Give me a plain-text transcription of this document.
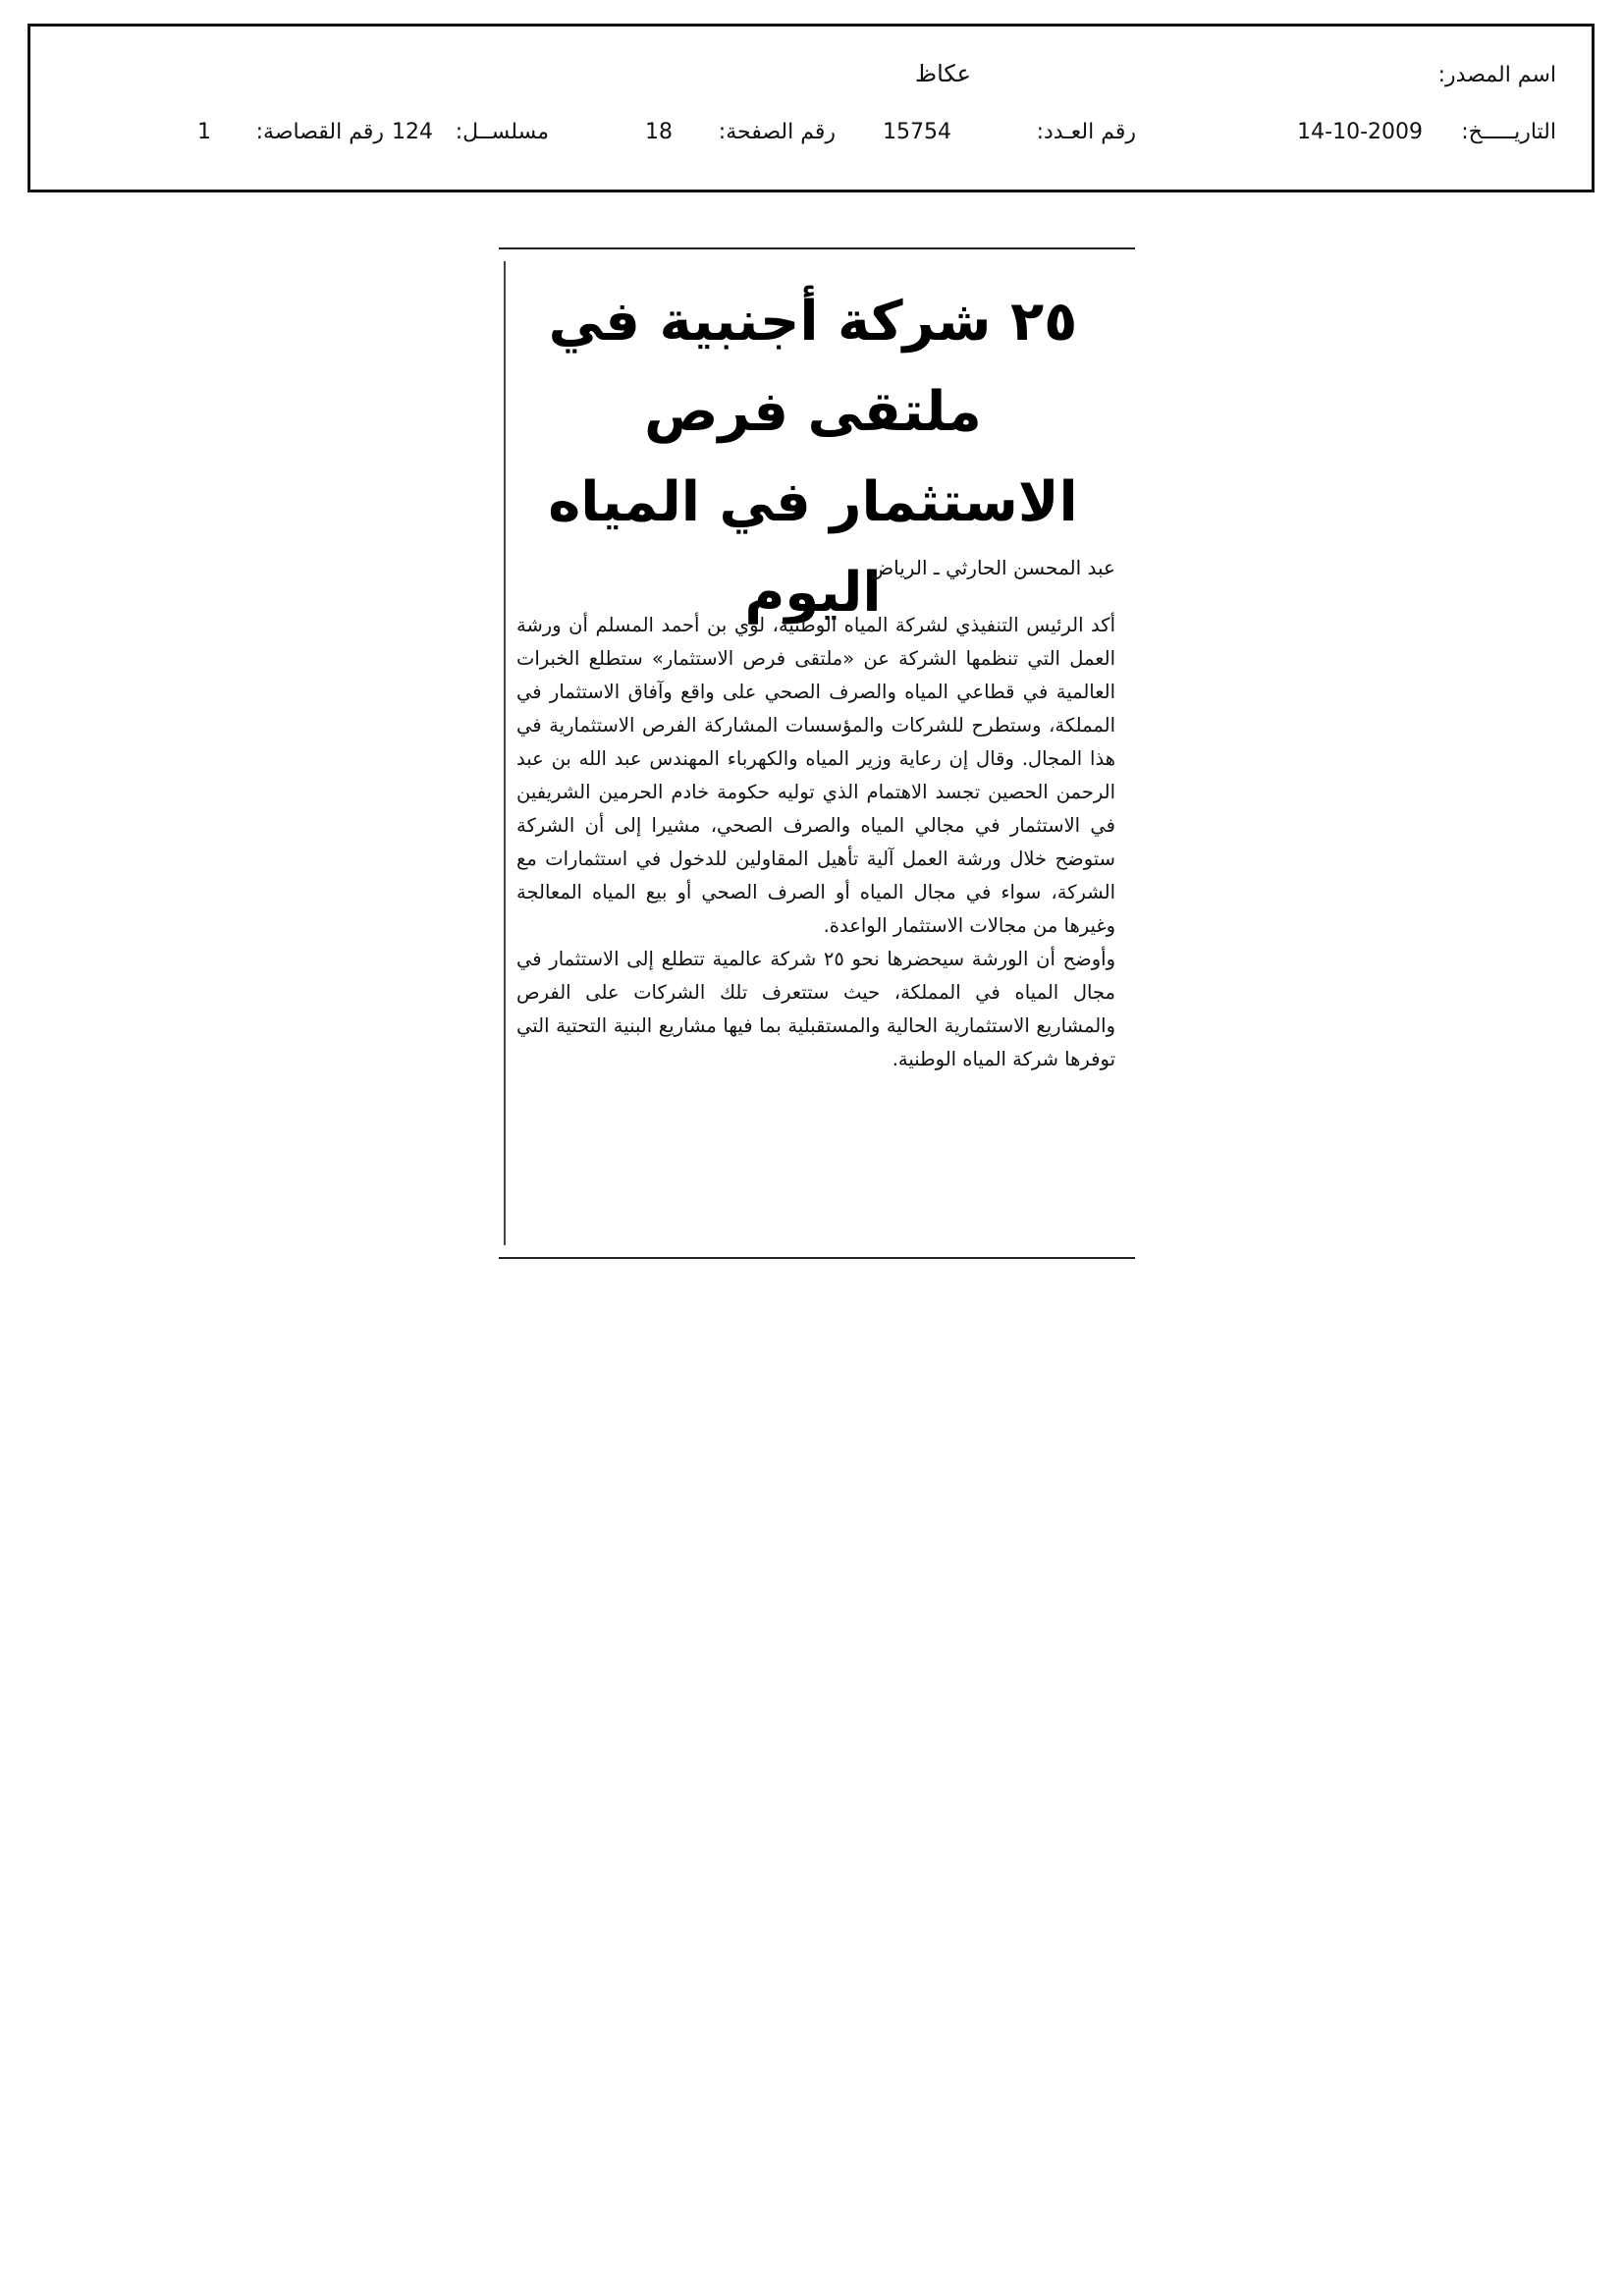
اسم المصدر:
عكاظ
التاريـــــخ:
14-10-2009
رقم العـدد:
15754
رقم الصفحة:
18
مسلســل:
124
رقم القصاصة:
1
٢٥ شركة أجنبية في ملتقى فرص الاستثمار في المياه اليوم
عبد المحسن الحارثي ـ الرياض

أكد الرئيس التنفيذي لشركة المياه الوطنية، لؤي بن أحمد المسلم أن ورشة العمل التي تنظمها الشركة عن «ملتقى فرص الاستثمار» ستطلع الخبرات العالمية في قطاعي المياه والصرف الصحي على واقع وآفاق الاستثمار في المملكة، وستطرح للشركات والمؤسسات المشاركة الفرص الاستثمارية في هذا المجال. وقال إن رعاية وزير المياه والكهرباء المهندس عبد الله بن عبد الرحمن الحصين تجسد الاهتمام الذي توليه حكومة خادم الحرمين الشريفين في الاستثمار في مجالي المياه والصرف الصحي، مشيرا إلى أن الشركة ستوضح خلال ورشة العمل آلية تأهيل المقاولين للدخول في استثمارات مع الشركة، سواء في مجال المياه أو الصرف الصحي أو بيع المياه المعالجة وغيرها من مجالات الاستثمار الواعدة.

وأوضح أن الورشة سيحضرها نحو ٢٥ شركة عالمية تتطلع إلى الاستثمار في مجال المياه في المملكة، حيث ستتعرف تلك الشركات على الفرص والمشاريع الاستثمارية الحالية والمستقبلية بما فيها مشاريع البنية التحتية التي توفرها شركة المياه الوطنية.
